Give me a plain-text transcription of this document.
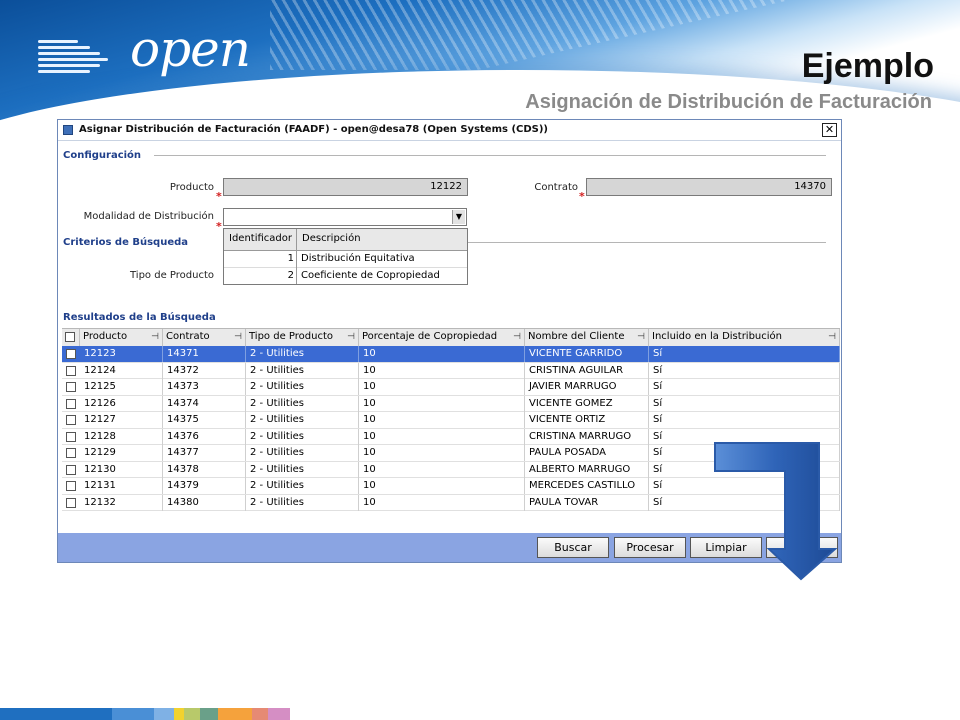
open	Ejemplo
Asignación de Distribución de Facturación
Asignar Distribución de Facturación (FAADF) - open@desa78 (Open Systems (CDS))	✕
Configuración
Producto	12122
*
Contrato	14370
*
Modalidad de Distribución	▼
*
Criterios de Búsqueda
Tipo de Producto
Identificador Descripción
1 Distribución Equitativa
2 Coeficiente de Copropiedad
Resultados de la Búsqueda
Producto	⊣ Contrato	⊣ Tipo de Producto ⊣ Porcentaje de Copropiedad ⊣ Nombre del Cliente ⊣ Incluido en la Distribución	⊣
12123	14371	2 - Utilities	10	VICENTE GARRIDO	Sí
12124	14372	2 - Utilities	10	CRISTINA AGUILAR	Sí
12125	14373	2 - Utilities	10	JAVIER MARRUGO	Sí
12126	14374	2 - Utilities	10	VICENTE GOMEZ	Sí
12127	14375	2 - Utilities	10	VICENTE ORTIZ	Sí
12128	14376	2 - Utilities	10	CRISTINA MARRUGO	Sí
12129	14377	2 - Utilities	10	PAULA POSADA	Sí
12130	14378	2 - Utilities	10	ALBERTO MARRUGO	Sí
12131	14379	2 - Utilities	10	MERCEDES CASTILLO	Sí
12132	14380	2 - Utilities	10	PAULA TOVAR	Sí
Buscar	Procesar	Limpiar
